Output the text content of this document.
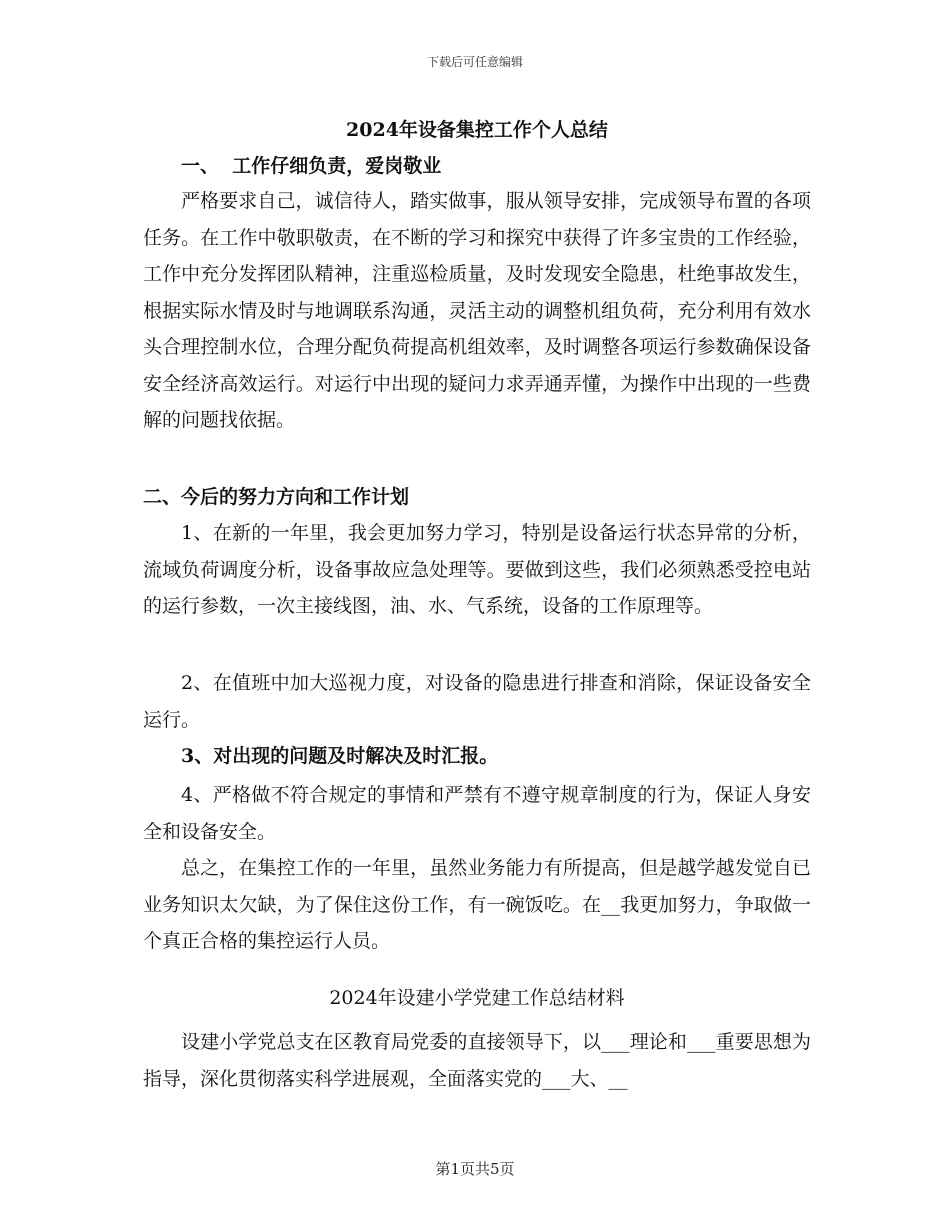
下载后可任意编辑
2024年设备集控工作个人总结

一、  工作仔细负责，爱岗敬业

严格要求自己，诚信待人，踏实做事，服从领导安排，完成领导布置的各项任务。在工作中敬职敬责，在不断的学习和探究中获得了许多宝贵的工作经验，工作中充分发挥团队精神，注重巡检质量，及时发现安全隐患，杜绝事故发生，根据实际水情及时与地调联系沟通，灵活主动的调整机组负荷，充分利用有效水头合理控制水位，合理分配负荷提高机组效率，及时调整各项运行参数确保设备安全经济高效运行。对运行中出现的疑问力求弄通弄懂，为操作中出现的一些费解的问题找依据。

二、今后的努力方向和工作计划

1、在新的一年里，我会更加努力学习，特别是设备运行状态异常的分析，流域负荷调度分析，设备事故应急处理等。要做到这些，我们必须熟悉受控电站的运行参数，一次主接线图，油、水、气系统，设备的工作原理等。

2、在值班中加大巡视力度，对设备的隐患进行排查和消除，保证设备安全运行。

3、对出现的问题及时解决及时汇报。

4、严格做不符合规定的事情和严禁有不遵守规章制度的行为，保证人身安全和设备安全。

总之，在集控工作的一年里，虽然业务能力有所提高，但是越学越发觉自已业务知识太欠缺，为了保住这份工作，有一碗饭吃。在__我更加努力，争取做一个真正合格的集控运行人员。

2024年设建小学党建工作总结材料

设建小学党总支在区教育局党委的直接领导下，以___理论和___重要思想为指导，深化贯彻落实科学进展观，全面落实党的___大、__

第1页共5页
